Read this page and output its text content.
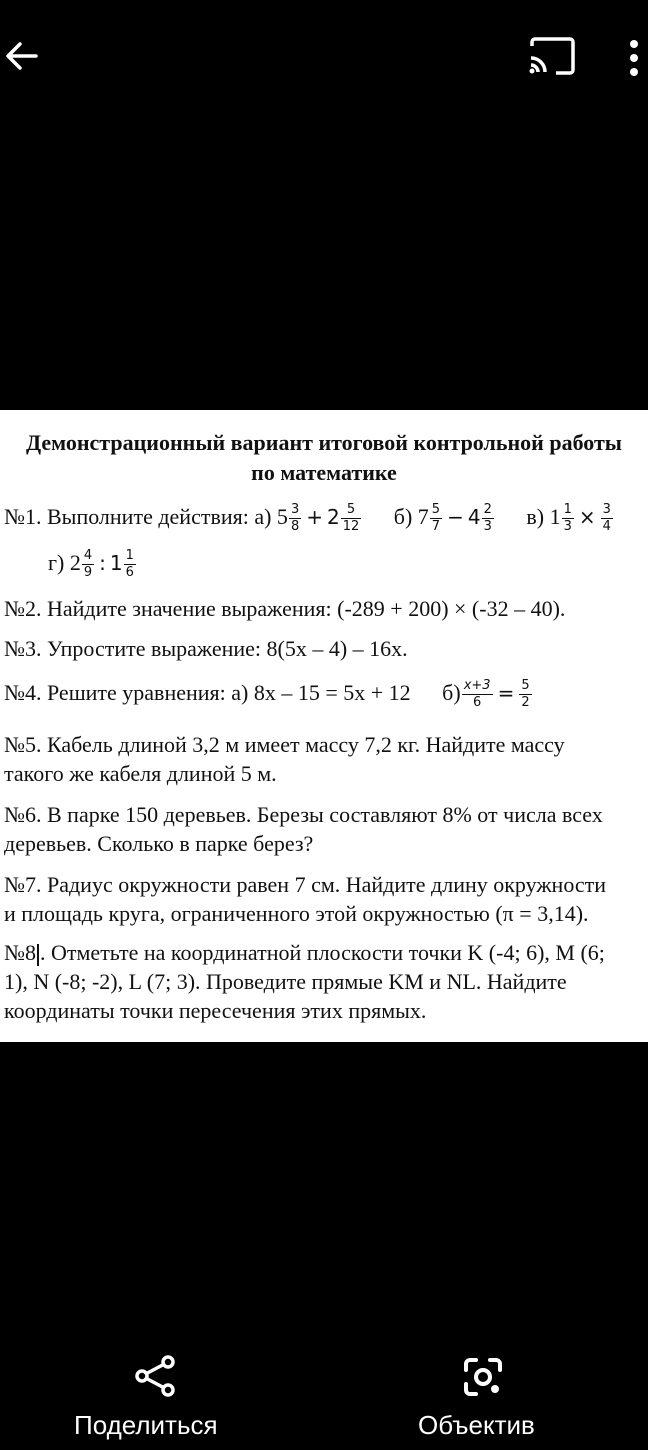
Демонстрационный вариант итоговой контрольной работы
по математике
№1. Выполните действия: а) $5 \frac{3}{8} + 2 \frac{5}{12} б$) $7 \frac{5}{7} - 4 \frac{2}{3} в$) $1 \frac{1}{3} \times \frac{3}{4}$
г) $2 \frac{4}{9}$ : $1 \frac{1}{6}$
№2. Найдите значение выражения: (-289 + 200) × (-32 – 40).
№3. Упростите выражение: 8(5x – 4) – 16x.
№4. Решите уравнения: а) 8x – 15 = 5x + 12 $б) \frac{x+3}{6} = \frac{5}{2}$
№5. Кабель длиной 3,2 м имеет массу 7,2 кг. Найдите массу
такого же кабеля длиной 5 м.
№6. В парке 150 деревьев. Березы составляют 8% от числа всех
деревьев. Сколько в парке берез?
№7. Радиус окружности равен 7 см. Найдите длину окружности
и площадь круга, ограниченного этой окружностью (π = 3,14).
№8 . Отметьте на координатной плоскости точки K (-4; 6), M (6;
1), N (-8; -2), L (7; 3). Проведите прямые KM и NL. Найдите
координаты точки пересечения этих прямых.
Поделиться	Объектив
